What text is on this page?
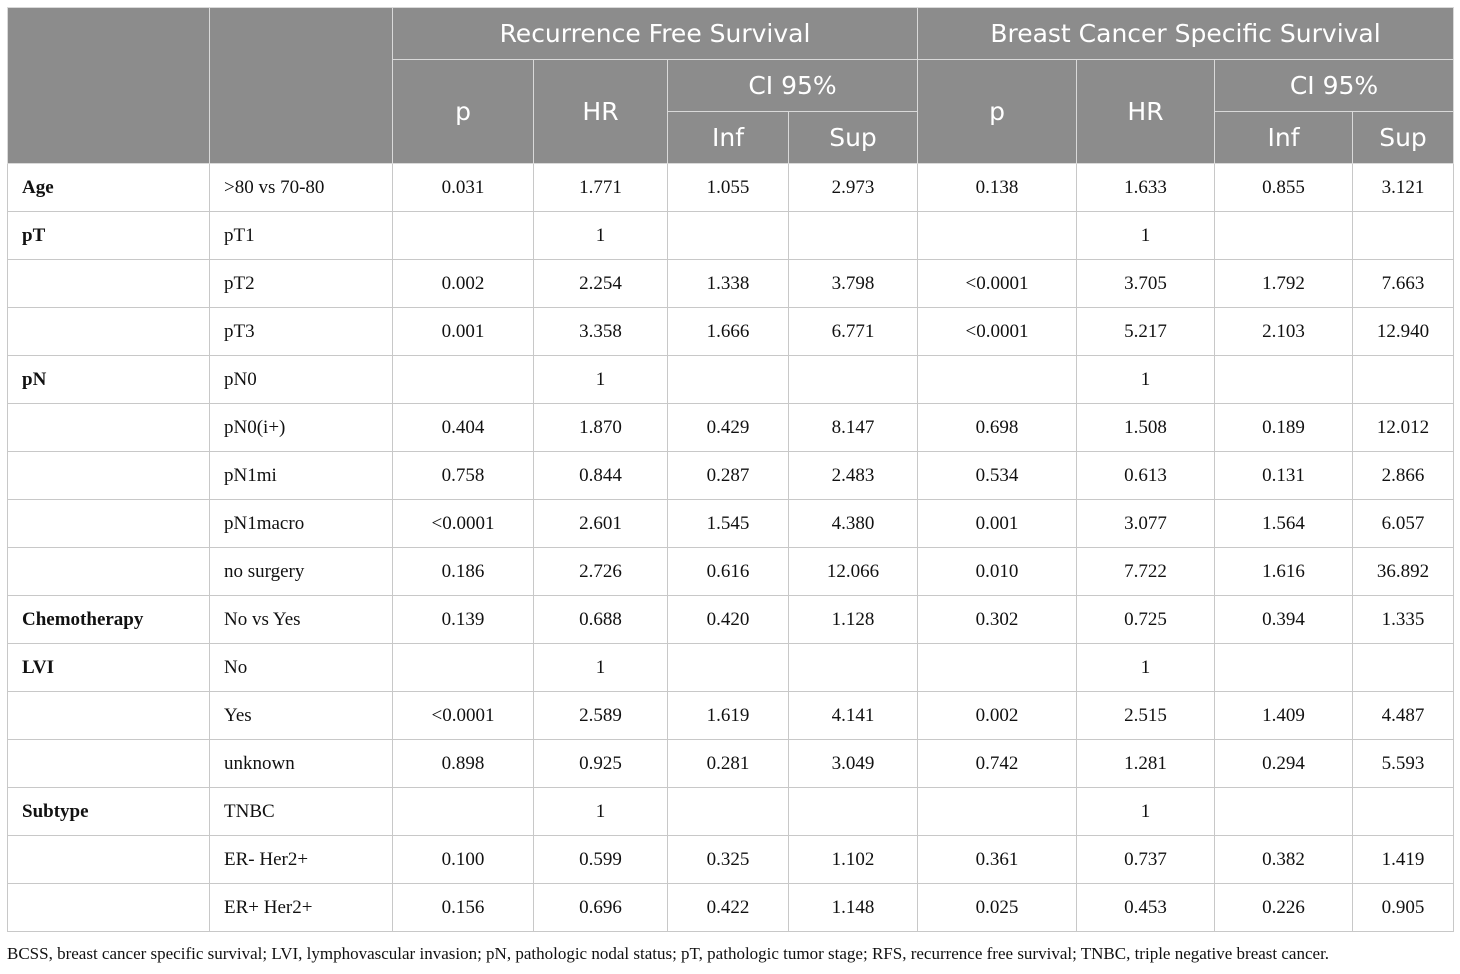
		Recurrence Free Survival				Breast Cancer Specific Survival			
		p	HR	CI 95%		p	HR	CI 95%	
				Inf	Sup			Inf	Sup
Age	>80 vs 70-80	0.031	1.771	1.055	2.973	0.138	1.633	0.855	3.121
pT	pT1		1				1		
	pT2	0.002	2.254	1.338	3.798	<0.0001	3.705	1.792	7.663
	pT3	0.001	3.358	1.666	6.771	<0.0001	5.217	2.103	12.940
pN	pN0		1				1		
	pN0(i+)	0.404	1.870	0.429	8.147	0.698	1.508	0.189	12.012
	pN1mi	0.758	0.844	0.287	2.483	0.534	0.613	0.131	2.866
	pN1macro	<0.0001	2.601	1.545	4.380	0.001	3.077	1.564	6.057
	no surgery	0.186	2.726	0.616	12.066	0.010	7.722	1.616	36.892
Chemotherapy	No vs Yes	0.139	0.688	0.420	1.128	0.302	0.725	0.394	1.335
LVI	No		1				1		
	Yes	<0.0001	2.589	1.619	4.141	0.002	2.515	1.409	4.487
	unknown	0.898	0.925	0.281	3.049	0.742	1.281	0.294	5.593
Subtype	TNBC		1				1		
	ER- Her2+	0.100	0.599	0.325	1.102	0.361	0.737	0.382	1.419
	ER+ Her2+	0.156	0.696	0.422	1.148	0.025	0.453	0.226	0.905
BCSS, breast cancer specific survival; LVI, lymphovascular invasion; pN, pathologic nodal status; pT, pathologic tumor stage; RFS, recurrence free survival; TNBC, triple negative breast cancer.
